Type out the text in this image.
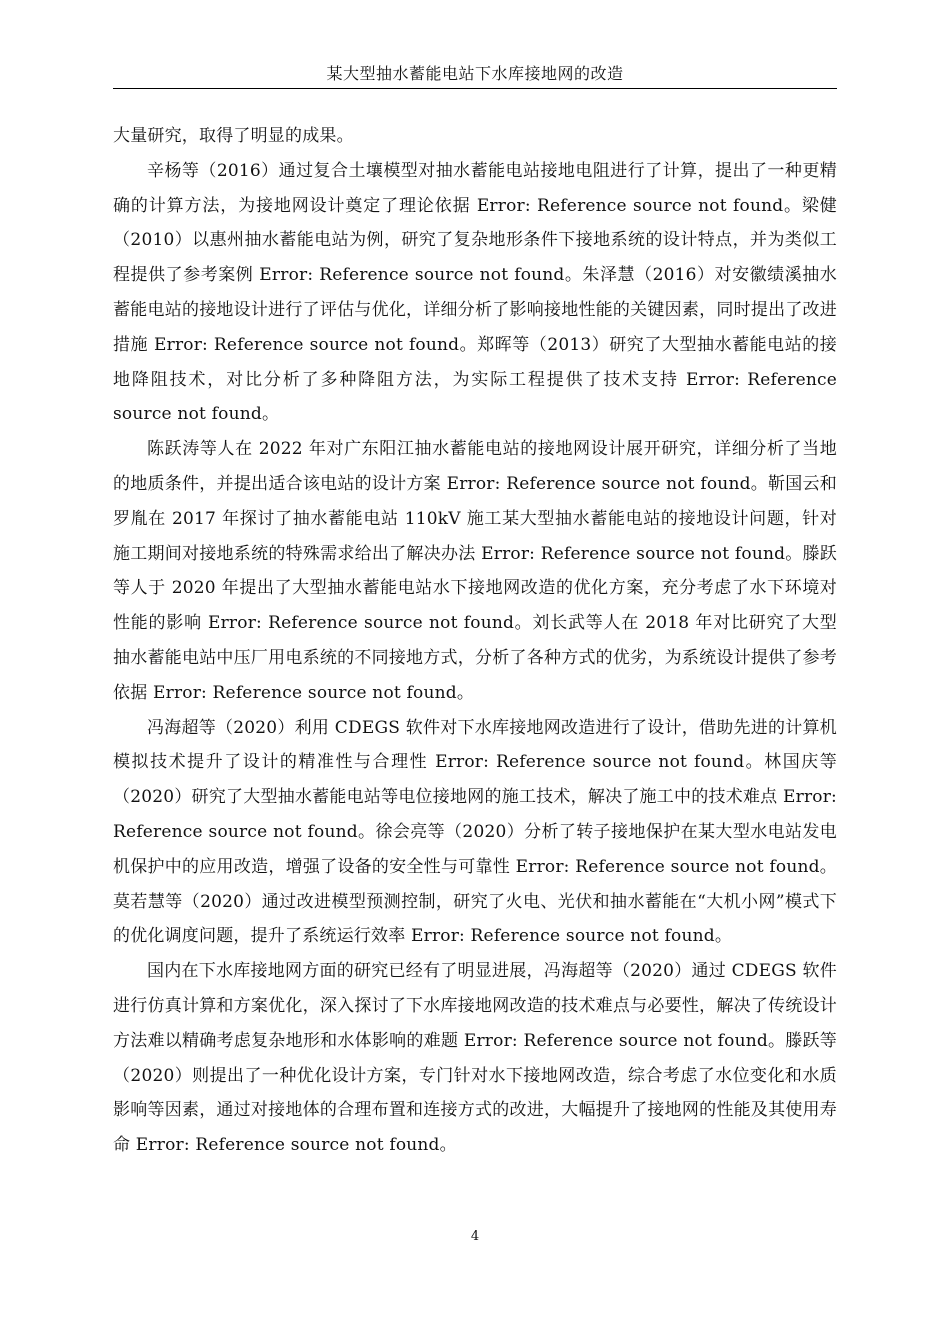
某大型抽水蓄能电站下水库接地网的改造

大量研究，取得了明显的成果。

辛杨等（2016）通过复合土壤模型对抽水蓄能电站接地电阻进行了计算，提出了一种更精确的计算方法，为接地网设计奠定了理论依据 Error: Reference source not found。梁健（2010）以惠州抽水蓄能电站为例，研究了复杂地形条件下接地系统的设计特点，并为类似工程提供了参考案例 Error: Reference source not found。朱泽慧（2016）对安徽绩溪抽水蓄能电站的接地设计进行了评估与优化，详细分析了影响接地性能的关键因素，同时提出了改进措施 Error: Reference source not found。郑晖等（2013）研究了大型抽水蓄能电站的接地降阻技术，对比分析了多种降阻方法，为实际工程提供了技术支持 Error: Reference source not found。

陈跃涛等人在 2022 年对广东阳江抽水蓄能电站的接地网设计展开研究，详细分析了当地的地质条件，并提出适合该电站的设计方案 Error: Reference source not found。靳国云和罗胤在 2017 年探讨了抽水蓄能电站 110kV 施工某大型抽水蓄能电站的接地设计问题，针对施工期间对接地系统的特殊需求给出了解决办法 Error: Reference source not found。滕跃等人于 2020 年提出了大型抽水蓄能电站水下接地网改造的优化方案，充分考虑了水下环境对性能的影响 Error: Reference source not found。刘长武等人在 2018 年对比研究了大型抽水蓄能电站中压厂用电系统的不同接地方式，分析了各种方式的优劣，为系统设计提供了参考依据 Error: Reference source not found。

冯海超等（2020）利用 CDEGS 软件对下水库接地网改造进行了设计，借助先进的计算机模拟技术提升了设计的精准性与合理性 Error: Reference source not found。林国庆等（2020）研究了大型抽水蓄能电站等电位接地网的施工技术，解决了施工中的技术难点 Error: Reference source not found。徐会亮等（2020）分析了转子接地保护在某大型水电站发电机保护中的应用改造，增强了设备的安全性与可靠性 Error: Reference source not found。莫若慧等（2020）通过改进模型预测控制，研究了火电、光伏和抽水蓄能在“大机小网”模式下的优化调度问题，提升了系统运行效率 Error: Reference source not found。

国内在下水库接地网方面的研究已经有了明显进展，冯海超等（2020）通过 CDEGS 软件进行仿真计算和方案优化，深入探讨了下水库接地网改造的技术难点与必要性，解决了传统设计方法难以精确考虑复杂地形和水体影响的难题 Error: Reference source not found。滕跃等（2020）则提出了一种优化设计方案，专门针对水下接地网改造，综合考虑了水位变化和水质影响等因素，通过对接地体的合理布置和连接方式的改进，大幅提升了接地网的性能及其使用寿命 Error: Reference source not found。

4
